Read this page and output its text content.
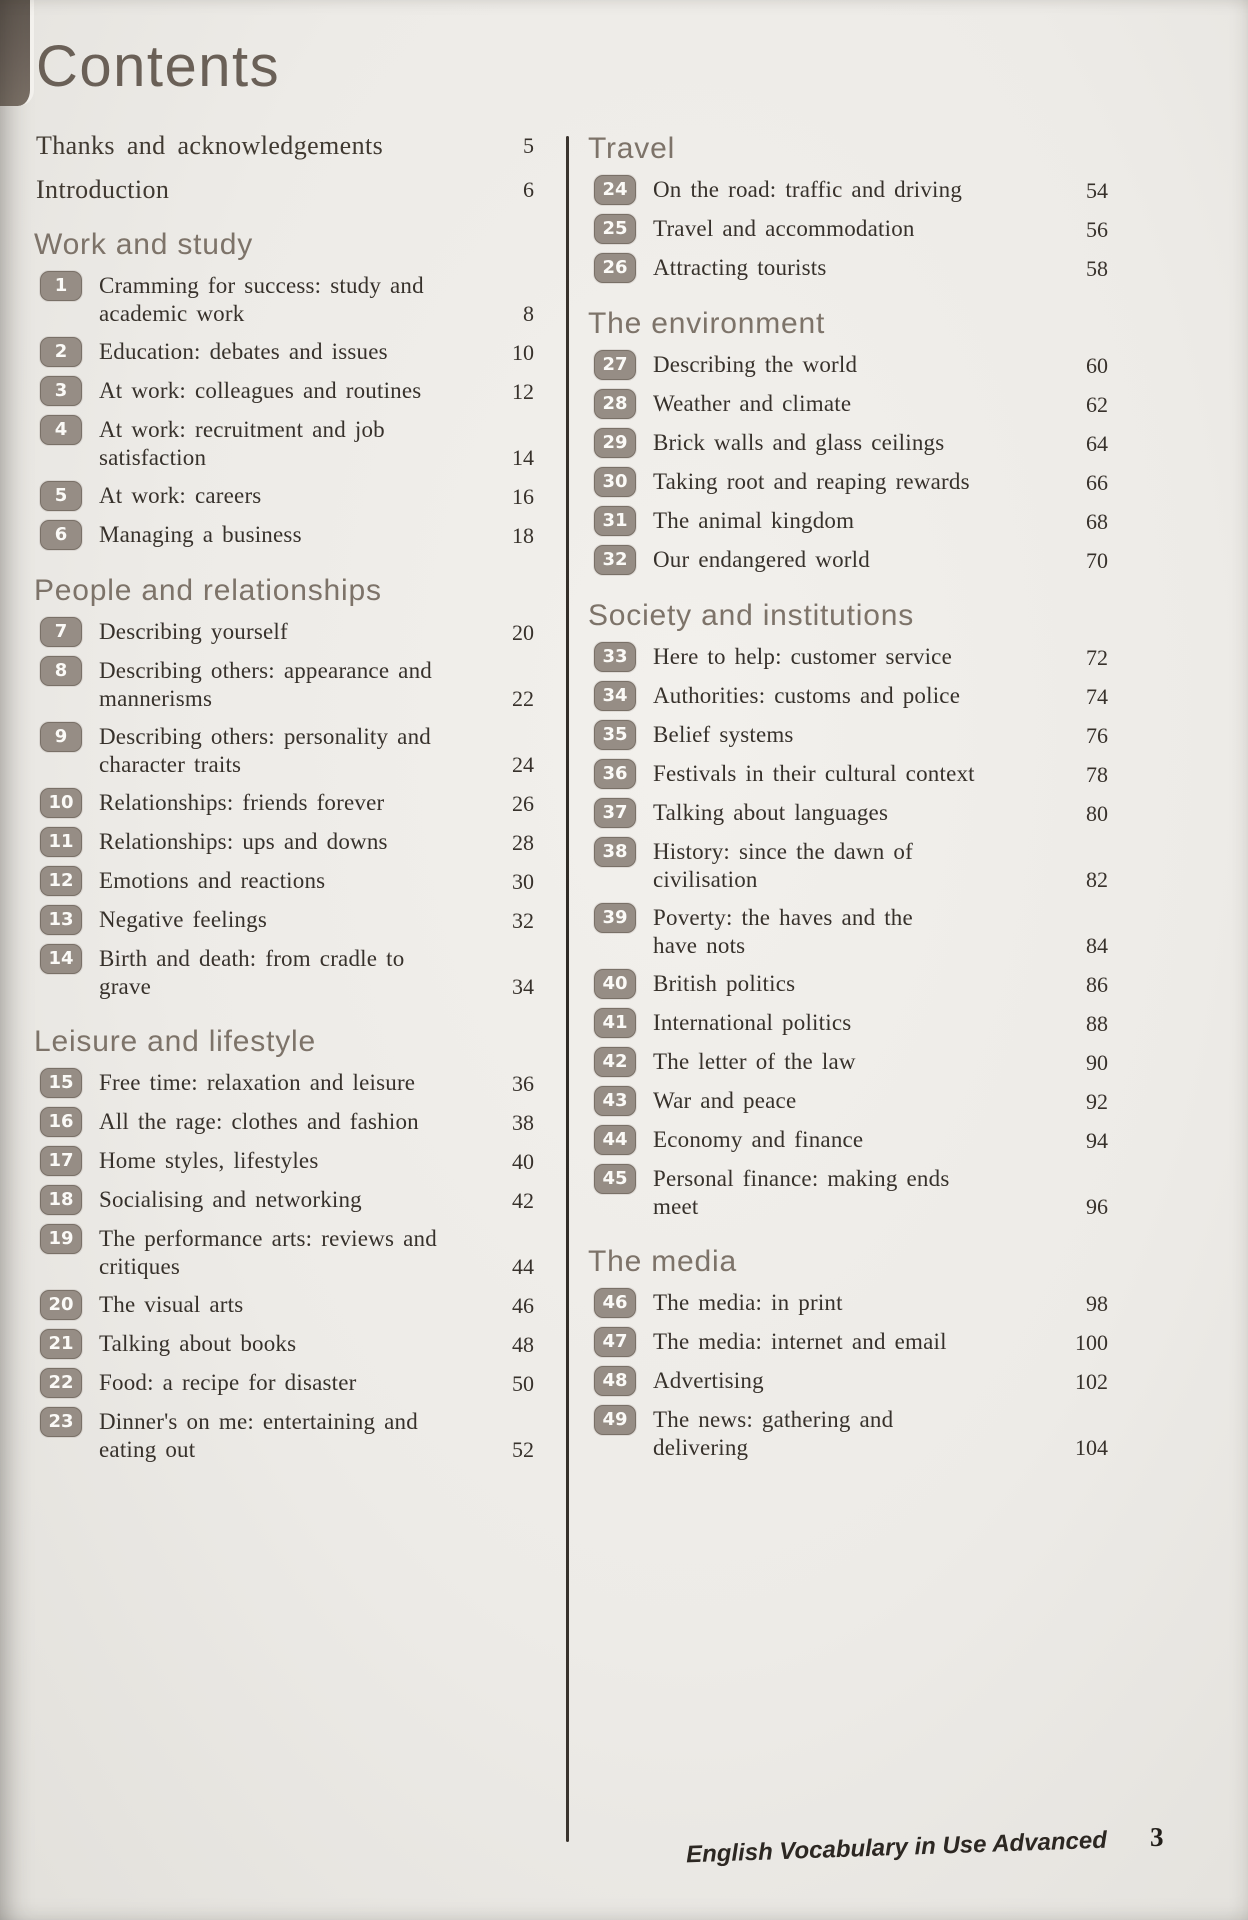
Contents
Thanks and acknowledgements	5
Introduction	6
Work and study
1	Cramming for success: study and
academic work	8
2	Education: debates and issues	10
3	At work: colleagues and routines	12
4	At work: recruitment and job
satisfaction	14
5	At work: careers	16
6	Managing a business	18
People and relationships
7	Describing yourself	20
8	Describing others: appearance and
mannerisms	22
9	Describing others: personality and
character traits	24
10	Relationships: friends forever	26
11	Relationships: ups and downs	28
12	Emotions and reactions	30
13	Negative feelings	32
14	Birth and death: from cradle to
grave	34
Leisure and lifestyle
15	Free time: relaxation and leisure	36
16	All the rage: clothes and fashion	38
17	Home styles, lifestyles	40
18	Socialising and networking	42
19	The performance arts: reviews and
critiques	44
20	The visual arts	46
21	Talking about books	48
22	Food: a recipe for disaster	50
23	Dinner's on me: entertaining and
eating out	52
Travel
24	On the road: traffic and driving	54
25	Travel and accommodation	56
26	Attracting tourists	58
The environment
27	Describing the world	60
28	Weather and climate	62
29	Brick walls and glass ceilings	64
30	Taking root and reaping rewards	66
31	The animal kingdom	68
32	Our endangered world	70
Society and institutions
33	Here to help: customer service	72
34	Authorities: customs and police	74
35	Belief systems	76
36	Festivals in their cultural context	78
37	Talking about languages	80
38	History: since the dawn of
civilisation	82
39	Poverty: the haves and the
have nots	84
40	British politics	86
41	International politics	88
42	The letter of the law	90
43	War and peace	92
44	Economy and finance	94
45	Personal finance: making ends
meet	96
The media
46	The media: in print	98
47	The media: internet and email	100
48	Advertising	102
49	The news: gathering and
delivering	104
English Vocabulary in Use Advanced 3
